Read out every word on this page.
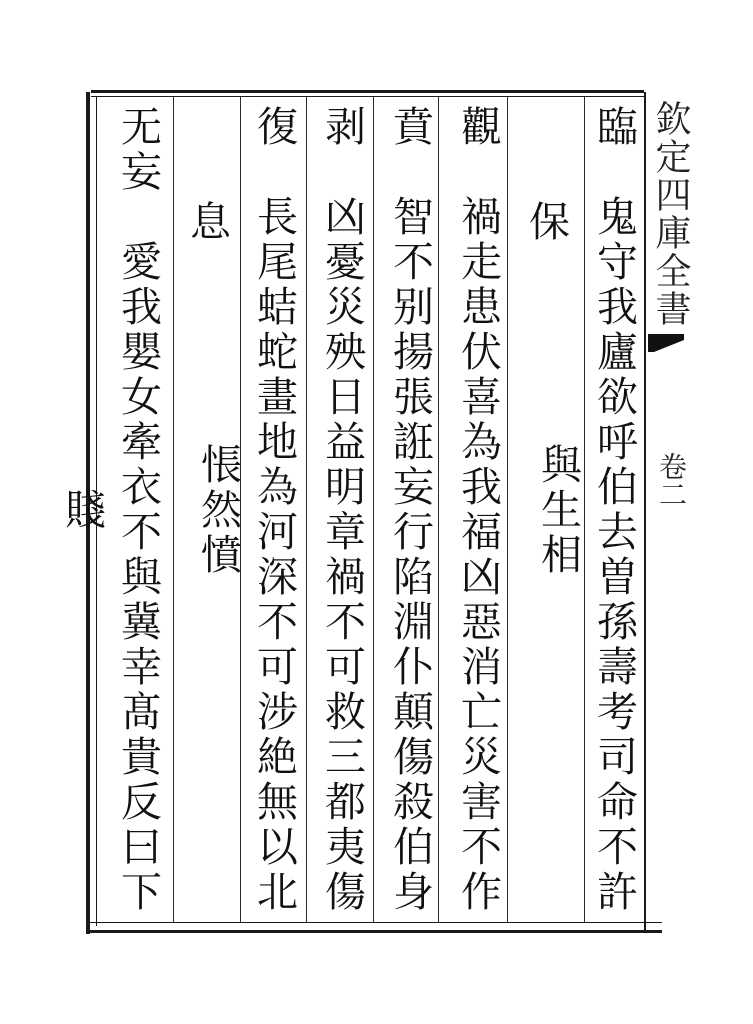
欽定四庫全書
卷二
臨　鬼守我廬欲呼伯去曽孫壽考司命不許與生相
　保
觀　禍走患伏喜為我福凶惡消亡災害不作
賁　智不别揚張誑妄行陷淵仆顛傷殺伯身
剥　凶憂災殃日益明章禍不可救三都夷傷
復　長尾蛣蛇畫地為河深不可涉絶無以北悵然憤
　息
无妄　愛我嬰女牽衣不與冀幸髙貴反曰下賤
